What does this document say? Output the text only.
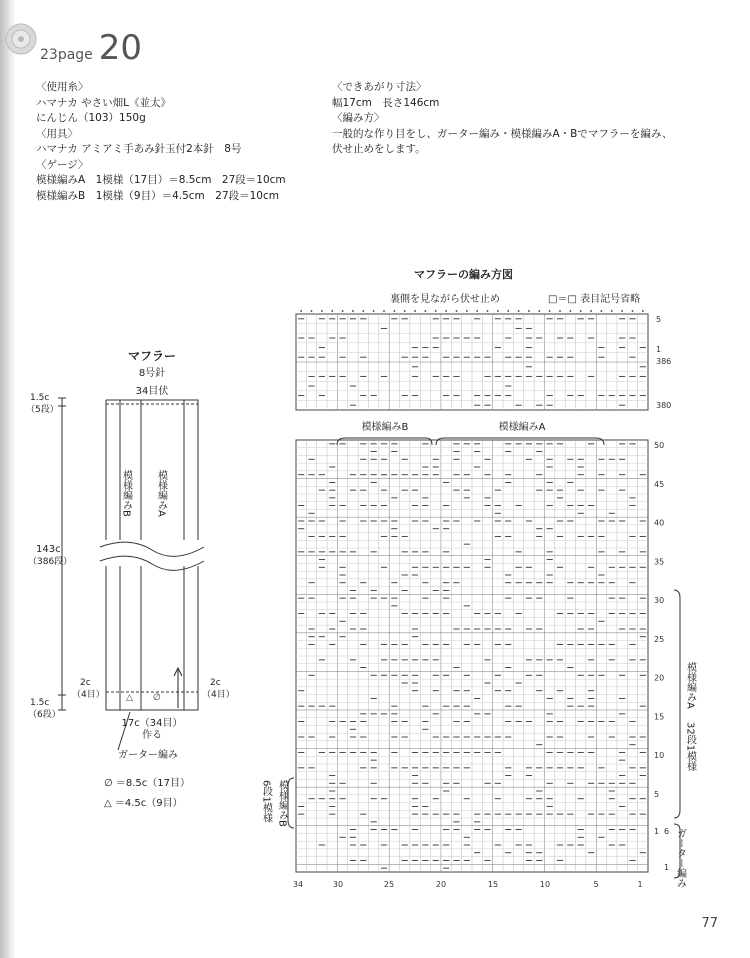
23page 20
〈使用糸〉
ハマナカ やさい畑L《並太》
にんじん（103）150g
〈用具〉
ハマナカ アミアミ手あみ針玉付2本針　8号
〈ゲージ〉
模様編みA　1模様（17目）＝8.5cm　27段＝10cm
模様編みB　1模様（9目）＝4.5cm　27段＝10cm
〈できあがり寸法〉
幅17cm　長さ146cm
〈編み方〉
一般的な作り目をし、ガーター編み・模様編みA・Bでマフラーを編み、
伏せ止めをします。
マフラー
8号針
34目伏
模様編みB 模様編みA
△ ∅
1.5c
（5段）
143c
（386段）
1.5c
（6段）
2c
（4目）
2c
（4目）
17c（34目）
作る
ガーター編み
∅ ＝8.5c（17目）
△ ＝4.5c（9目）
マフラーの編み方図
裏側を見ながら伏せ止め	□＝□ 表目記号省略
5
1
386
380
50
45
40
35
30
25
20
15
10
5
1 6
1
34	30	25	20	15	10	5	1
模様編みB	模様編みA
模様編みA
32段1模様
ガーター編み
模様編みB
6段1模様
77
